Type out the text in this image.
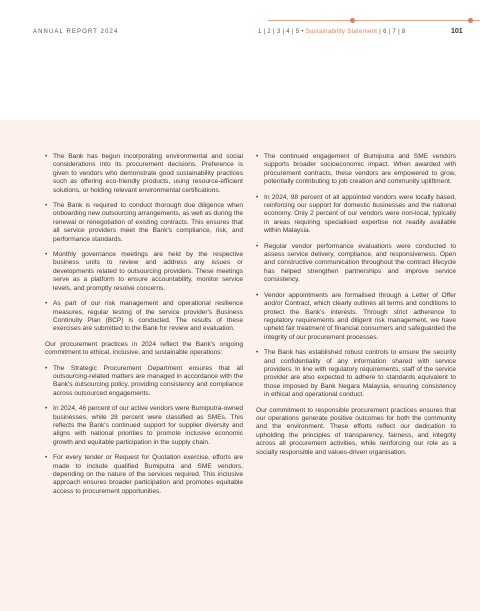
ANNUAL REPORT 2024	1 | 2 | 3 | 4 | 5 • Sustainability Statement | 6 | 7 | 8	101
• The Bank has begun incorporating environmental and social considerations into its procurement decisions. Preference is given to vendors who demonstrate good sustainability practices such as offering eco-friendly products, using resource-efficient solutions, or holding relevant environmental certifications.
• The Bank is required to conduct thorough due diligence when onboarding new outsourcing arrangements, as well as during the renewal or renegotiation of existing contracts. This ensures that all service providers meet the Bank's compliance, risk, and performance standards.
• Monthly governance meetings are held by the respective business units to review and address any issues or developments related to outsourcing providers. These meetings serve as a platform to ensure accountability, monitor service levels, and promptly resolve concerns.
• As part of our risk management and operational resilience measures, regular testing of the service provider's Business Continuity Plan (BCP) is conducted. The results of these exercises are submitted to the Bank for review and evaluation.
Our procurement practices in 2024 reflect the Bank's ongoing commitment to ethical, inclusive, and sustainable operations:
• The Strategic Procurement Department ensures that all outsourcing-related matters are managed in accordance with the Bank's outsourcing policy, providing consistency and compliance across outsourced engagements.
• In 2024, 46 percent of our active vendors were Bumiputra-owned businesses, while 28 percent were classified as SMEs. This reflects the Bank's continued support for supplier diversity and aligns with national priorities to promote inclusive economic growth and equitable participation in the supply chain.
• For every tender or Request for Quotation exercise, efforts are made to include qualified Bumiputra and SME vendors, depending on the nature of the services required. This inclusive approach ensures broader participation and promotes equitable access to procurement opportunities.
• The continued engagement of Bumiputra and SME vendors supports broader socioeconomic impact. When awarded with procurement contracts, these vendors are empowered to grow, potentially contributing to job creation and community upliftment.
• In 2024, 98 percent of all appointed vendors were locally based, reinforcing our support for domestic businesses and the national economy. Only 2 percent of our vendors were non-local, typically in areas requiring specialised expertise not readily available within Malaysia.
• Regular vendor performance evaluations were conducted to assess service delivery, compliance, and responsiveness. Open and constructive communication throughout the contract lifecycle has helped strengthen partnerships and improve service consistency.
• Vendor appointments are formalised through a Letter of Offer and/or Contract, which clearly outlines all terms and conditions to protect the Bank's interests. Through strict adherence to regulatory requirements and diligent risk management, we have upheld fair treatment of financial consumers and safeguarded the integrity of our procurement processes.
• The Bank has established robust controls to ensure the security and confidentiality of any information shared with service providers. In line with regulatory requirements, staff of the service provider are also expected to adhere to standards equivalent to those imposed by Bank Negara Malaysia, ensuring consistency in ethical and operational conduct.
Our commitment to responsible procurement practices ensures that our operations generate positive outcomes for both the community and the environment. These efforts reflect our dedication to upholding the principles of transparency, fairness, and integrity across all procurement activities, while reinforcing our role as a socially responsible and values-driven organisation.
